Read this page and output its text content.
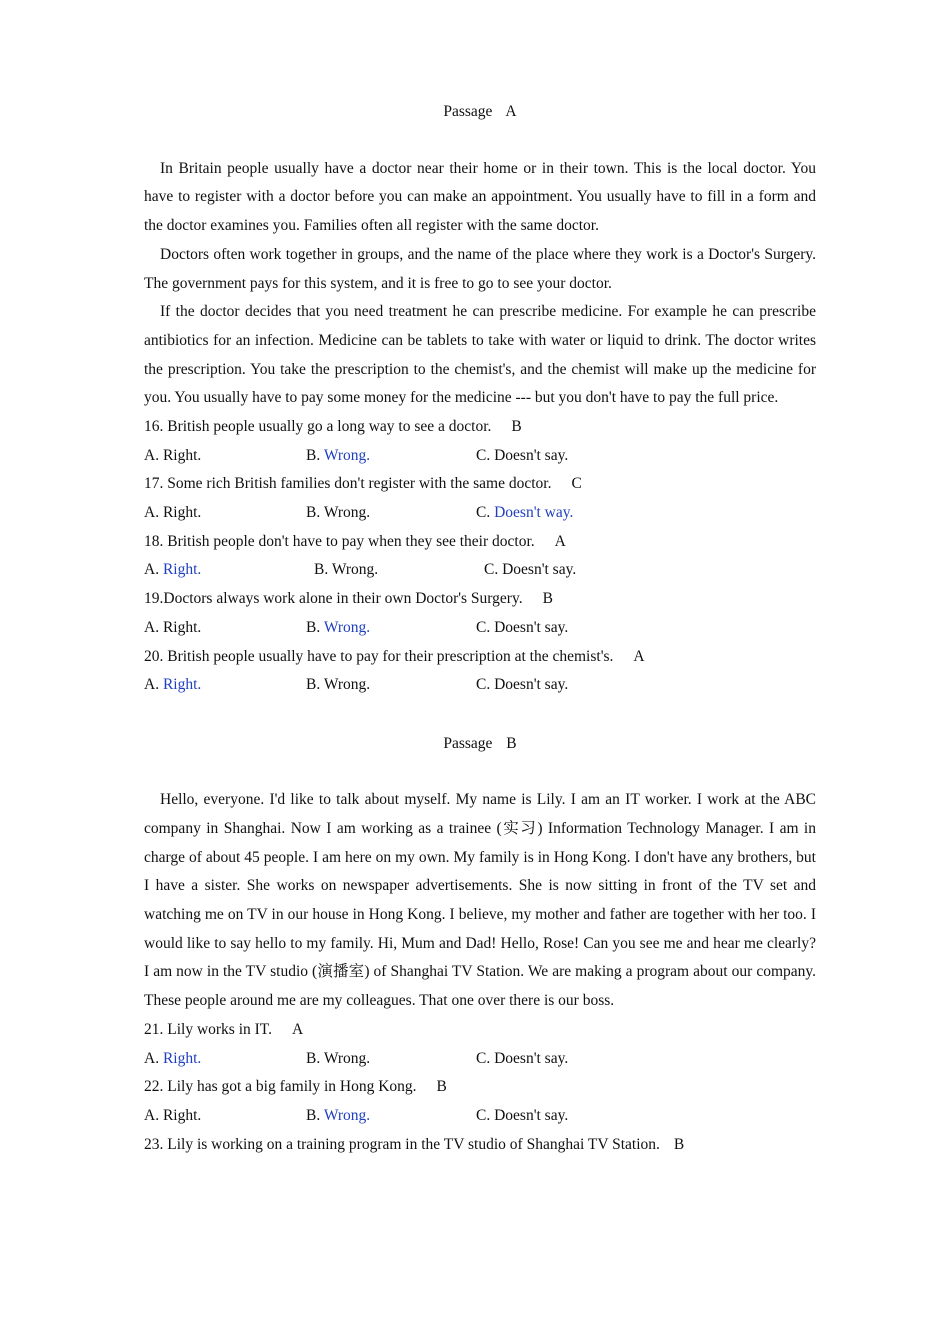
Passage A

In Britain people usually have a doctor near their home or in their town. This is the local doctor. You have to register with a doctor before you can make an appointment. You usually have to fill in a form and the doctor examines you. Families often all register with the same doctor.

Doctors often work together in groups, and the name of the place where they work is a Doctor's Surgery. The government pays for this system, and it is free to go to see your doctor.

If the doctor decides that you need treatment he can prescribe medicine. For example he can prescribe antibiotics for an infection. Medicine can be tablets to take with water or liquid to drink. The doctor writes the prescription. You take the prescription to the chemist's, and the chemist will make up the medicine for you. You usually have to pay some money for the medicine --- but you don't have to pay the full price.

16. British people usually go a long way to see a doctor. B
A. Right.	B. Wrong.	C. Doesn't say.
17. Some rich British families don't register with the same doctor. C
A. Right.	B. Wrong.	C. Doesn't way.
18. British people don't have to pay when they see their doctor. A
A. Right.	B. Wrong.	C. Doesn't say.
19.Doctors always work alone in their own Doctor's Surgery. B
A. Right.	B. Wrong.	C. Doesn't say.
20. British people usually have to pay for their prescription at the chemist's. A
A. Right.	B. Wrong.	C. Doesn't say.
Passage B

Hello, everyone. I'd like to talk about myself. My name is Lily. I am an IT worker. I work at the ABC company in Shanghai. Now I am working as a trainee (实习) Information Technology Manager. I am in charge of about 45 people. I am here on my own. My family is in Hong Kong. I don't have any brothers, but I have a sister. She works on newspaper advertisements. She is now sitting in front of the TV set and watching me on TV in our house in Hong Kong. I believe, my mother and father are together with her too. I would like to say hello to my family. Hi, Mum and Dad! Hello, Rose! Can you see me and hear me clearly? I am now in the TV studio (演播室) of Shanghai TV Station. We are making a program about our company. These people around me are my colleagues. That one over there is our boss.

21. Lily works in IT. A
A. Right.	B. Wrong.	C. Doesn't say.
22. Lily has got a big family in Hong Kong. B
A. Right.	B. Wrong.	C. Doesn't say.
23. Lily is working on a training program in the TV studio of Shanghai TV Station. B
